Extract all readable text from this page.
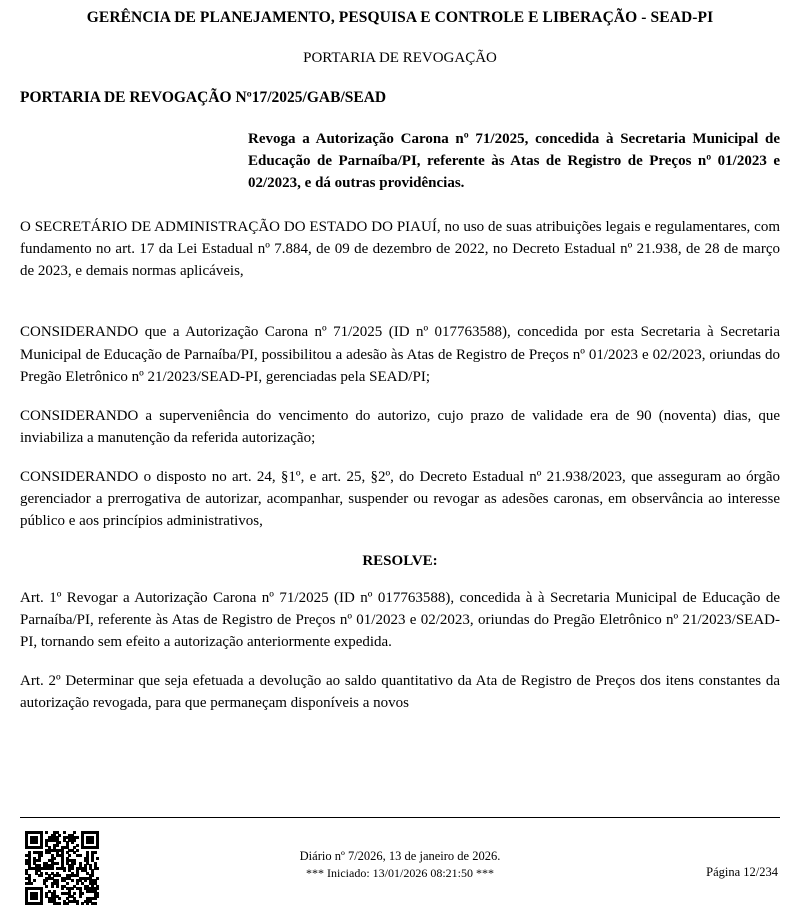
GERÊNCIA DE PLANEJAMENTO, PESQUISA E CONTROLE E LIBERAÇÃO - SEAD-PI
PORTARIA DE REVOGAÇÃO
PORTARIA DE REVOGAÇÃO Nº17/2025/GAB/SEAD
Revoga a Autorização Carona nº 71/2025, concedida à Secretaria Municipal de Educação de Parnaíba/PI, referente às Atas de Registro de Preços nº 01/2023 e 02/2023, e dá outras providências.
O SECRETÁRIO DE ADMINISTRAÇÃO DO ESTADO DO PIAUÍ, no uso de suas atribuições legais e regulamentares, com fundamento no art. 17 da Lei Estadual nº 7.884, de 09 de dezembro de 2022, no Decreto Estadual nº 21.938, de 28 de março de 2023, e demais normas aplicáveis,
CONSIDERANDO que a Autorização Carona nº 71/2025 (ID nº 017763588), concedida por esta Secretaria à Secretaria Municipal de Educação de Parnaíba/PI, possibilitou a adesão às Atas de Registro de Preços nº 01/2023 e 02/2023, oriundas do Pregão Eletrônico nº 21/2023/SEAD-PI, gerenciadas pela SEAD/PI;
CONSIDERANDO a superveniência do vencimento do autorizo, cujo prazo de validade era de 90 (noventa) dias, que inviabiliza a manutenção da referida autorização;
CONSIDERANDO o disposto no art. 24, §1º, e art. 25, §2º, do Decreto Estadual nº 21.938/2023, que asseguram ao órgão gerenciador a prerrogativa de autorizar, acompanhar, suspender ou revogar as adesões caronas, em observância ao interesse público e aos princípios administrativos,
RESOLVE:
Art. 1º Revogar a Autorização Carona nº 71/2025 (ID nº 017763588), concedida à à Secretaria Municipal de Educação de Parnaíba/PI, referente às Atas de Registro de Preços nº 01/2023 e 02/2023, oriundas do Pregão Eletrônico nº 21/2023/SEAD-PI, tornando sem efeito a autorização anteriormente expedida.
Art. 2º Determinar que seja efetuada a devolução ao saldo quantitativo da Ata de Registro de Preços dos itens constantes da autorização revogada, para que permaneçam disponíveis a novos
Diário nº 7/2026, 13 de janeiro de 2026.
*** Iniciado: 13/01/2026 08:21:50 ***	Página 12/234
